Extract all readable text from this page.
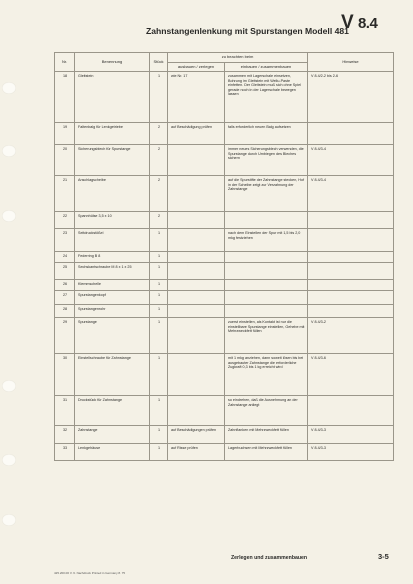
Zahnstangenlenkung mit Spurstangen Modell 481
V 8.4
Nr.	Benennung	Stück	zu beachten beim		Hinweise
			ausbauen / zerlegen	einbauen / zusammenbauen	
18	Gleitstein	1	wie Nr. 17	zusammen mit Lagerschale einsetzen, Bohrung im Gleitstein mit Wellu-Paste einfetten. Der Gleitstein muß sich ohne Spiel gerade noch in der Lagerschale bewegen lassen	V 8.4/2-2 bis 2-6
19	Faltenbalg für Lenkgetriebe	2	auf Beschädigung prüfen	falls erforderlich neuen Balg aufsetzen	
20	Sicherungsblech für Spurstange	2		immer neues Sicherungsblech verwenden, die Spurstange durch Umbiegen des Bleches sichern	V 8.4/3-4
21	Anschlagscheibe	2		auf die Spurstifte der Zahnstange stecken, Hof in der Scheibe zeigt zur Verzahnung der Zahnstange	V 8.4/3-4
22	Spannhülse 3,5 x 10	2			
23	Seitdruckstößel	1		nach dem Einstellen der Spur mit 1,5 bis 2,0 mkg festziehen	
24	Federring B 8	1			
25	Sechskantschraube M 8 x 1 x 25	1			
26	Klemmschelle	1			
27	Spurstangenkopf	1			
28	Spurstangenrohr	1			
29	Spurstange	1		zuerst einstellen, als Kontakt ist nur die einstellbare Spurstange einstellen, Gehebe mit Mehrzweckfett füllen	V 8.4/3-2
30	Einstellschraube für Zahnstange	1		mit 1 mkg anziehen, dann soweit lösen bis bei ausgebauter Zahnstange die erforderliche Zugkraft 0,3 bis 1 kg erreicht wird	V 8.4/3-6
31	Druckstück für Zahnstange	1		so eindrehen, daß die Ausnehmung an der Zahnstange anliegt	
32	Zahnstange	1	auf Beschädigungen prüfen	Zahnflanken mit Mehrzweckfett füllen	V 8.4/3-3
33	Lenkgehäuse	1	auf Risse prüfen	Lagerbuchsen mit Mehrzweckfett füllen	V 8.4/3-3
Zerlegen und zusammenbauen	3-5
425.200.00 V. 6. Nachdruck Printed in Germany 8. 75
